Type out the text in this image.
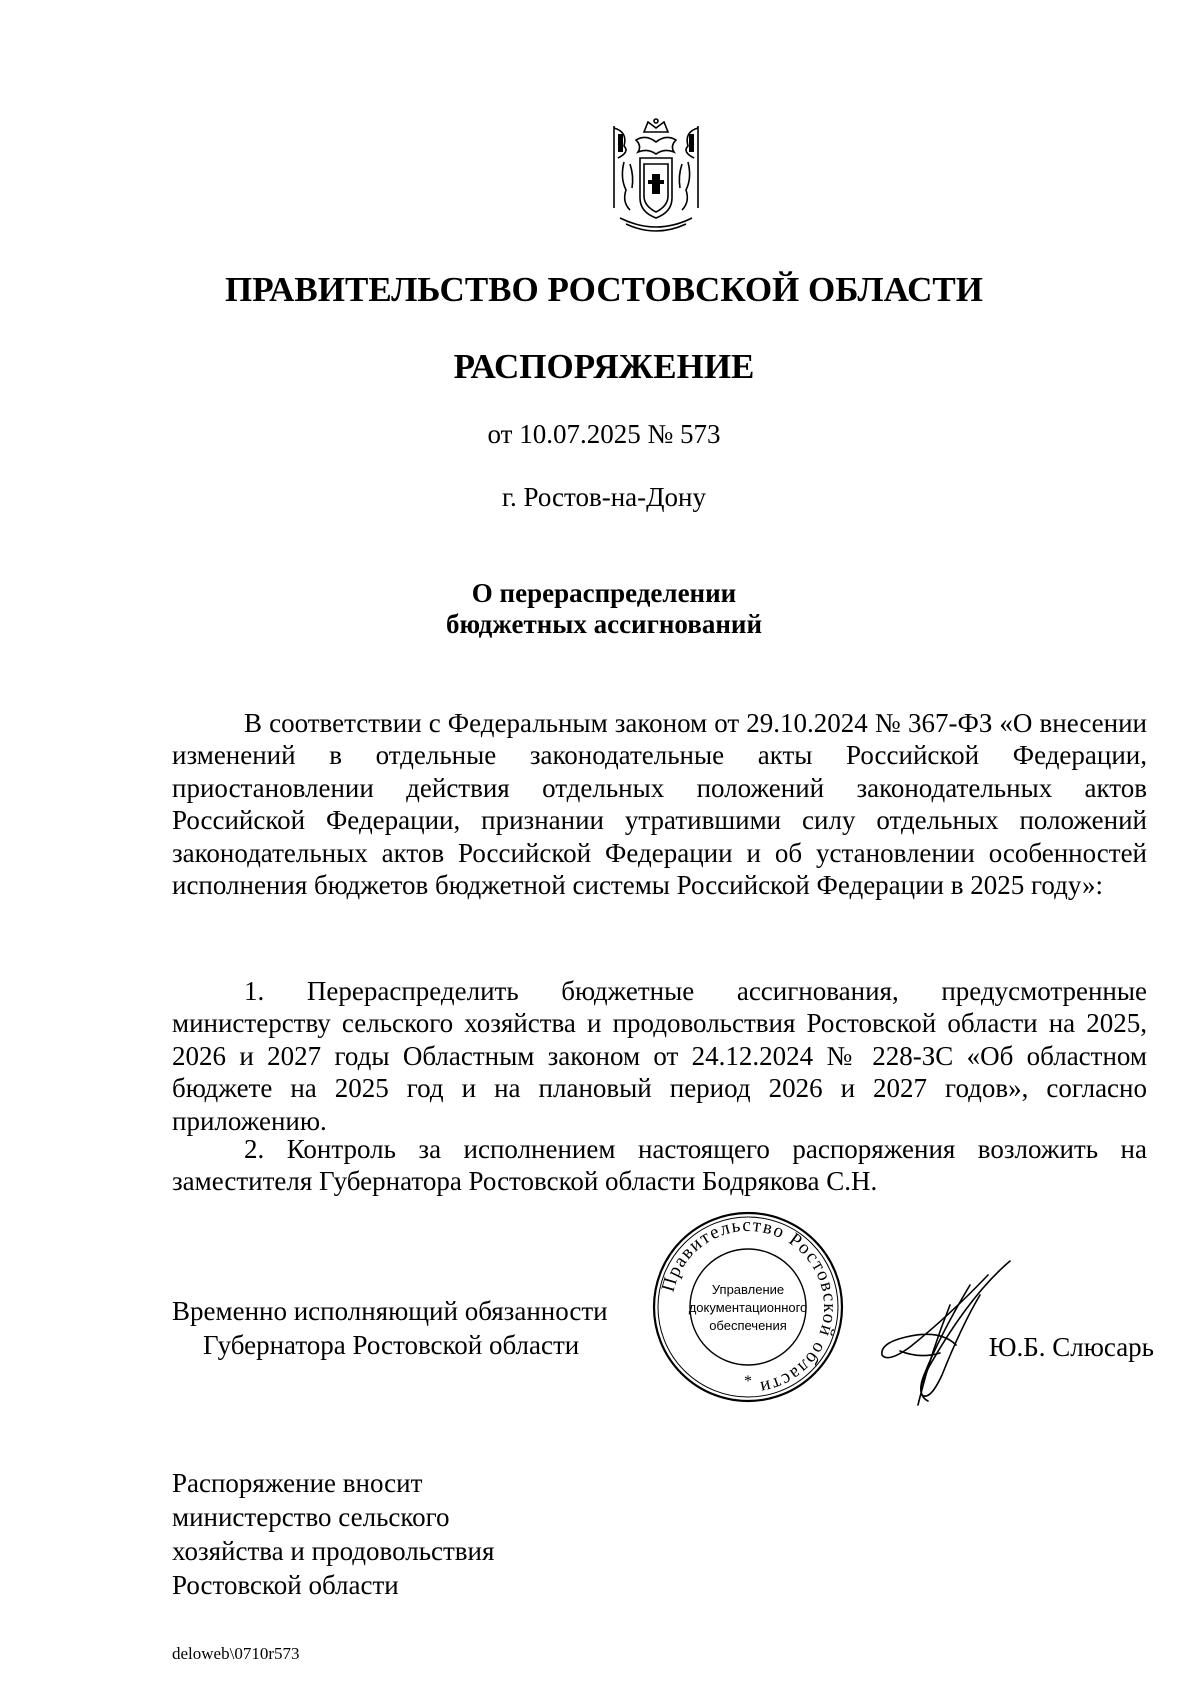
ПРАВИТЕЛЬСТВО РОСТОВСКОЙ ОБЛАСТИ
РАСПОРЯЖЕНИЕ
от 10.07.2025 № 573
г. Ростов-на-Дону
О перераспределении
бюджетных ассигнований

В соответствии с Федеральным законом от 29.10.2024 № 367-ФЗ «О внесении изменений в отдельные законодательные акты Российской Федерации, приостановлении действия отдельных положений законодательных актов Российской Федерации, признании утратившими силу отдельных положений законодательных актов Российской Федерации и об установлении особенностей исполнения бюджетов бюджетной системы Российской Федерации в 2025 году»:

1. Перераспределить бюджетные ассигнования, предусмотренные министерству сельского хозяйства и продовольствия Ростовской области на 2025, 2026 и 2027 годы Областным законом от 24.12.2024 № 228-ЗС «Об областном бюджете на 2025 год и на плановый период 2026 и 2027 годов», согласно приложению.

2. Контроль за исполнением настоящего распоряжения возложить на заместителя Губернатора Ростовской области Бодрякова С.Н.

Временно исполняющий обязанности
Губернатора Ростовской области
Правительство Ростовской области
*
Управление
документационного
обеспечения
Ю.Б. Слюсарь
Распоряжение вносит
министерство сельского
хозяйства и продовольствия
Ростовской области
deloweb\0710r573
